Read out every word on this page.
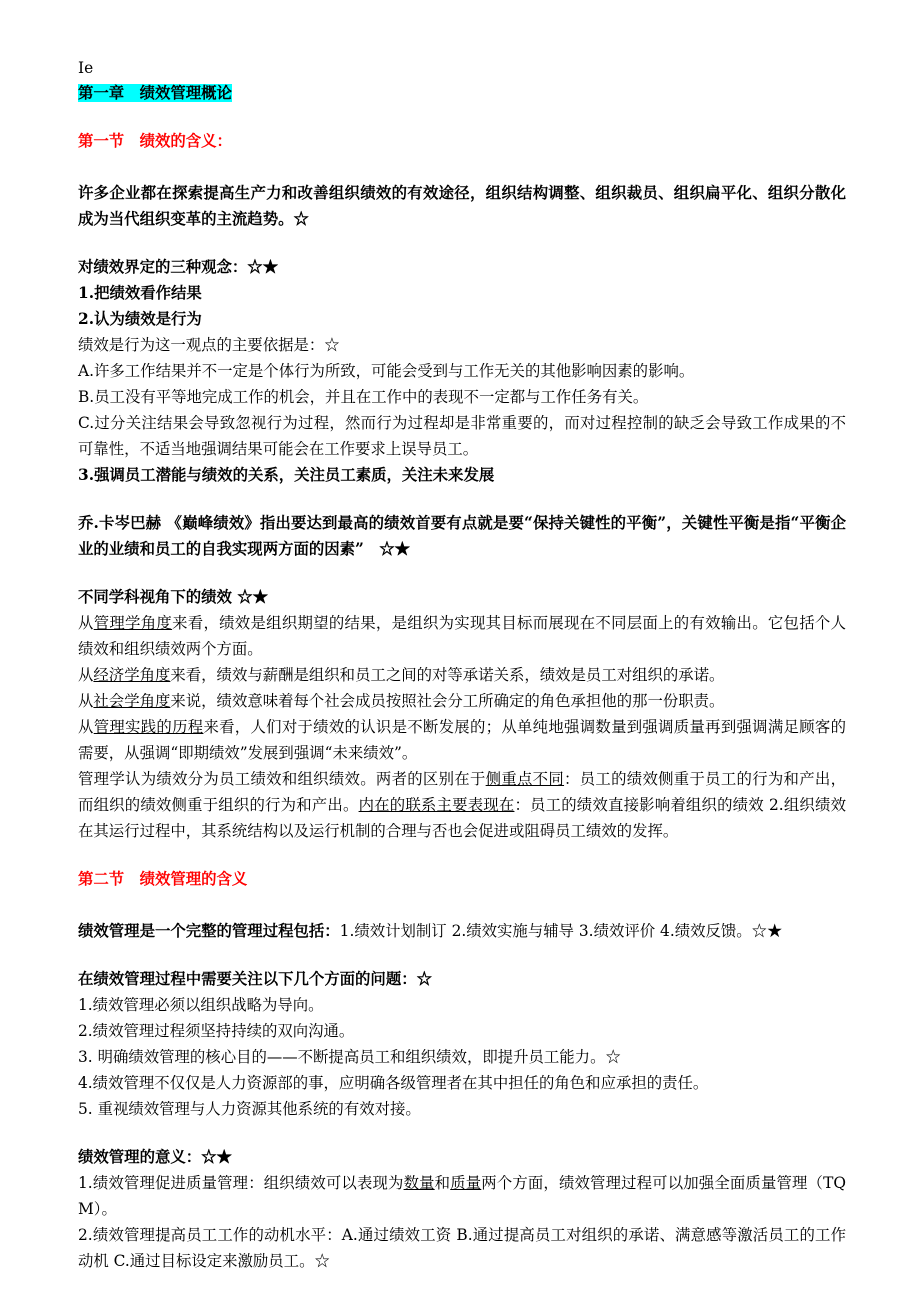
Ie
第一章　绩效管理概论
第一节　绩效的含义：
许多企业都在探索提高生产力和改善组织绩效的有效途径，组织结构调整、组织裁员、组织扁平化、组织分散化成为当代组织变革的主流趋势。☆
对绩效界定的三种观念：☆★
1.把绩效看作结果
2.认为绩效是行为
绩效是行为这一观点的主要依据是：☆
A.许多工作结果并不一定是个体行为所致，可能会受到与工作无关的其他影响因素的影响。
B.员工没有平等地完成工作的机会，并且在工作中的表现不一定都与工作任务有关。
C.过分关注结果会导致忽视行为过程，然而行为过程却是非常重要的，而对过程控制的缺乏会导致工作成果的不可靠性，不适当地强调结果可能会在工作要求上误导员工。
3.强调员工潜能与绩效的关系，关注员工素质，关注未来发展
乔.卡岑巴赫 《巅峰绩效》指出要达到最高的绩效首要有点就是要“保持关键性的平衡”，关键性平衡是指“平衡企业的业绩和员工的自我实现两方面的因素”　☆★
不同学科视角下的绩效 ☆★
从管理学角度来看，绩效是组织期望的结果，是组织为实现其目标而展现在不同层面上的有效输出。它包括个人绩效和组织绩效两个方面。
从经济学角度来看，绩效与薪酬是组织和员工之间的对等承诺关系，绩效是员工对组织的承诺。
从社会学角度来说，绩效意味着每个社会成员按照社会分工所确定的角色承担他的那一份职责。
从管理实践的历程来看，人们对于绩效的认识是不断发展的；从单纯地强调数量到强调质量再到强调满足顾客的需要，从强调“即期绩效”发展到强调“未来绩效”。
管理学认为绩效分为员工绩效和组织绩效。两者的区别在于侧重点不同：员工的绩效侧重于员工的行为和产出，而组织的绩效侧重于组织的行为和产出。内在的联系主要表现在：员工的绩效直接影响着组织的绩效 2.组织绩效在其运行过程中，其系统结构以及运行机制的合理与否也会促进或阻碍员工绩效的发挥。
第二节　绩效管理的含义
绩效管理是一个完整的管理过程包括：1.绩效计划制订 2.绩效实施与辅导 3.绩效评价 4.绩效反馈。☆★
在绩效管理过程中需要关注以下几个方面的问题：☆
1.绩效管理必须以组织战略为导向。
2.绩效管理过程须坚持持续的双向沟通。
3. 明确绩效管理的核心目的——不断提高员工和组织绩效，即提升员工能力。☆
4.绩效管理不仅仅是人力资源部的事，应明确各级管理者在其中担任的角色和应承担的责任。
5. 重视绩效管理与人力资源其他系统的有效对接。
绩效管理的意义：☆★
1.绩效管理促进质量管理：组织绩效可以表现为数量和质量两个方面，绩效管理过程可以加强全面质量管理（TQM）。
2.绩效管理提高员工工作的动机水平：A.通过绩效工资 B.通过提高员工对组织的承诺、满意感等激活员工的工作动机 C.通过目标设定来激励员工。☆
